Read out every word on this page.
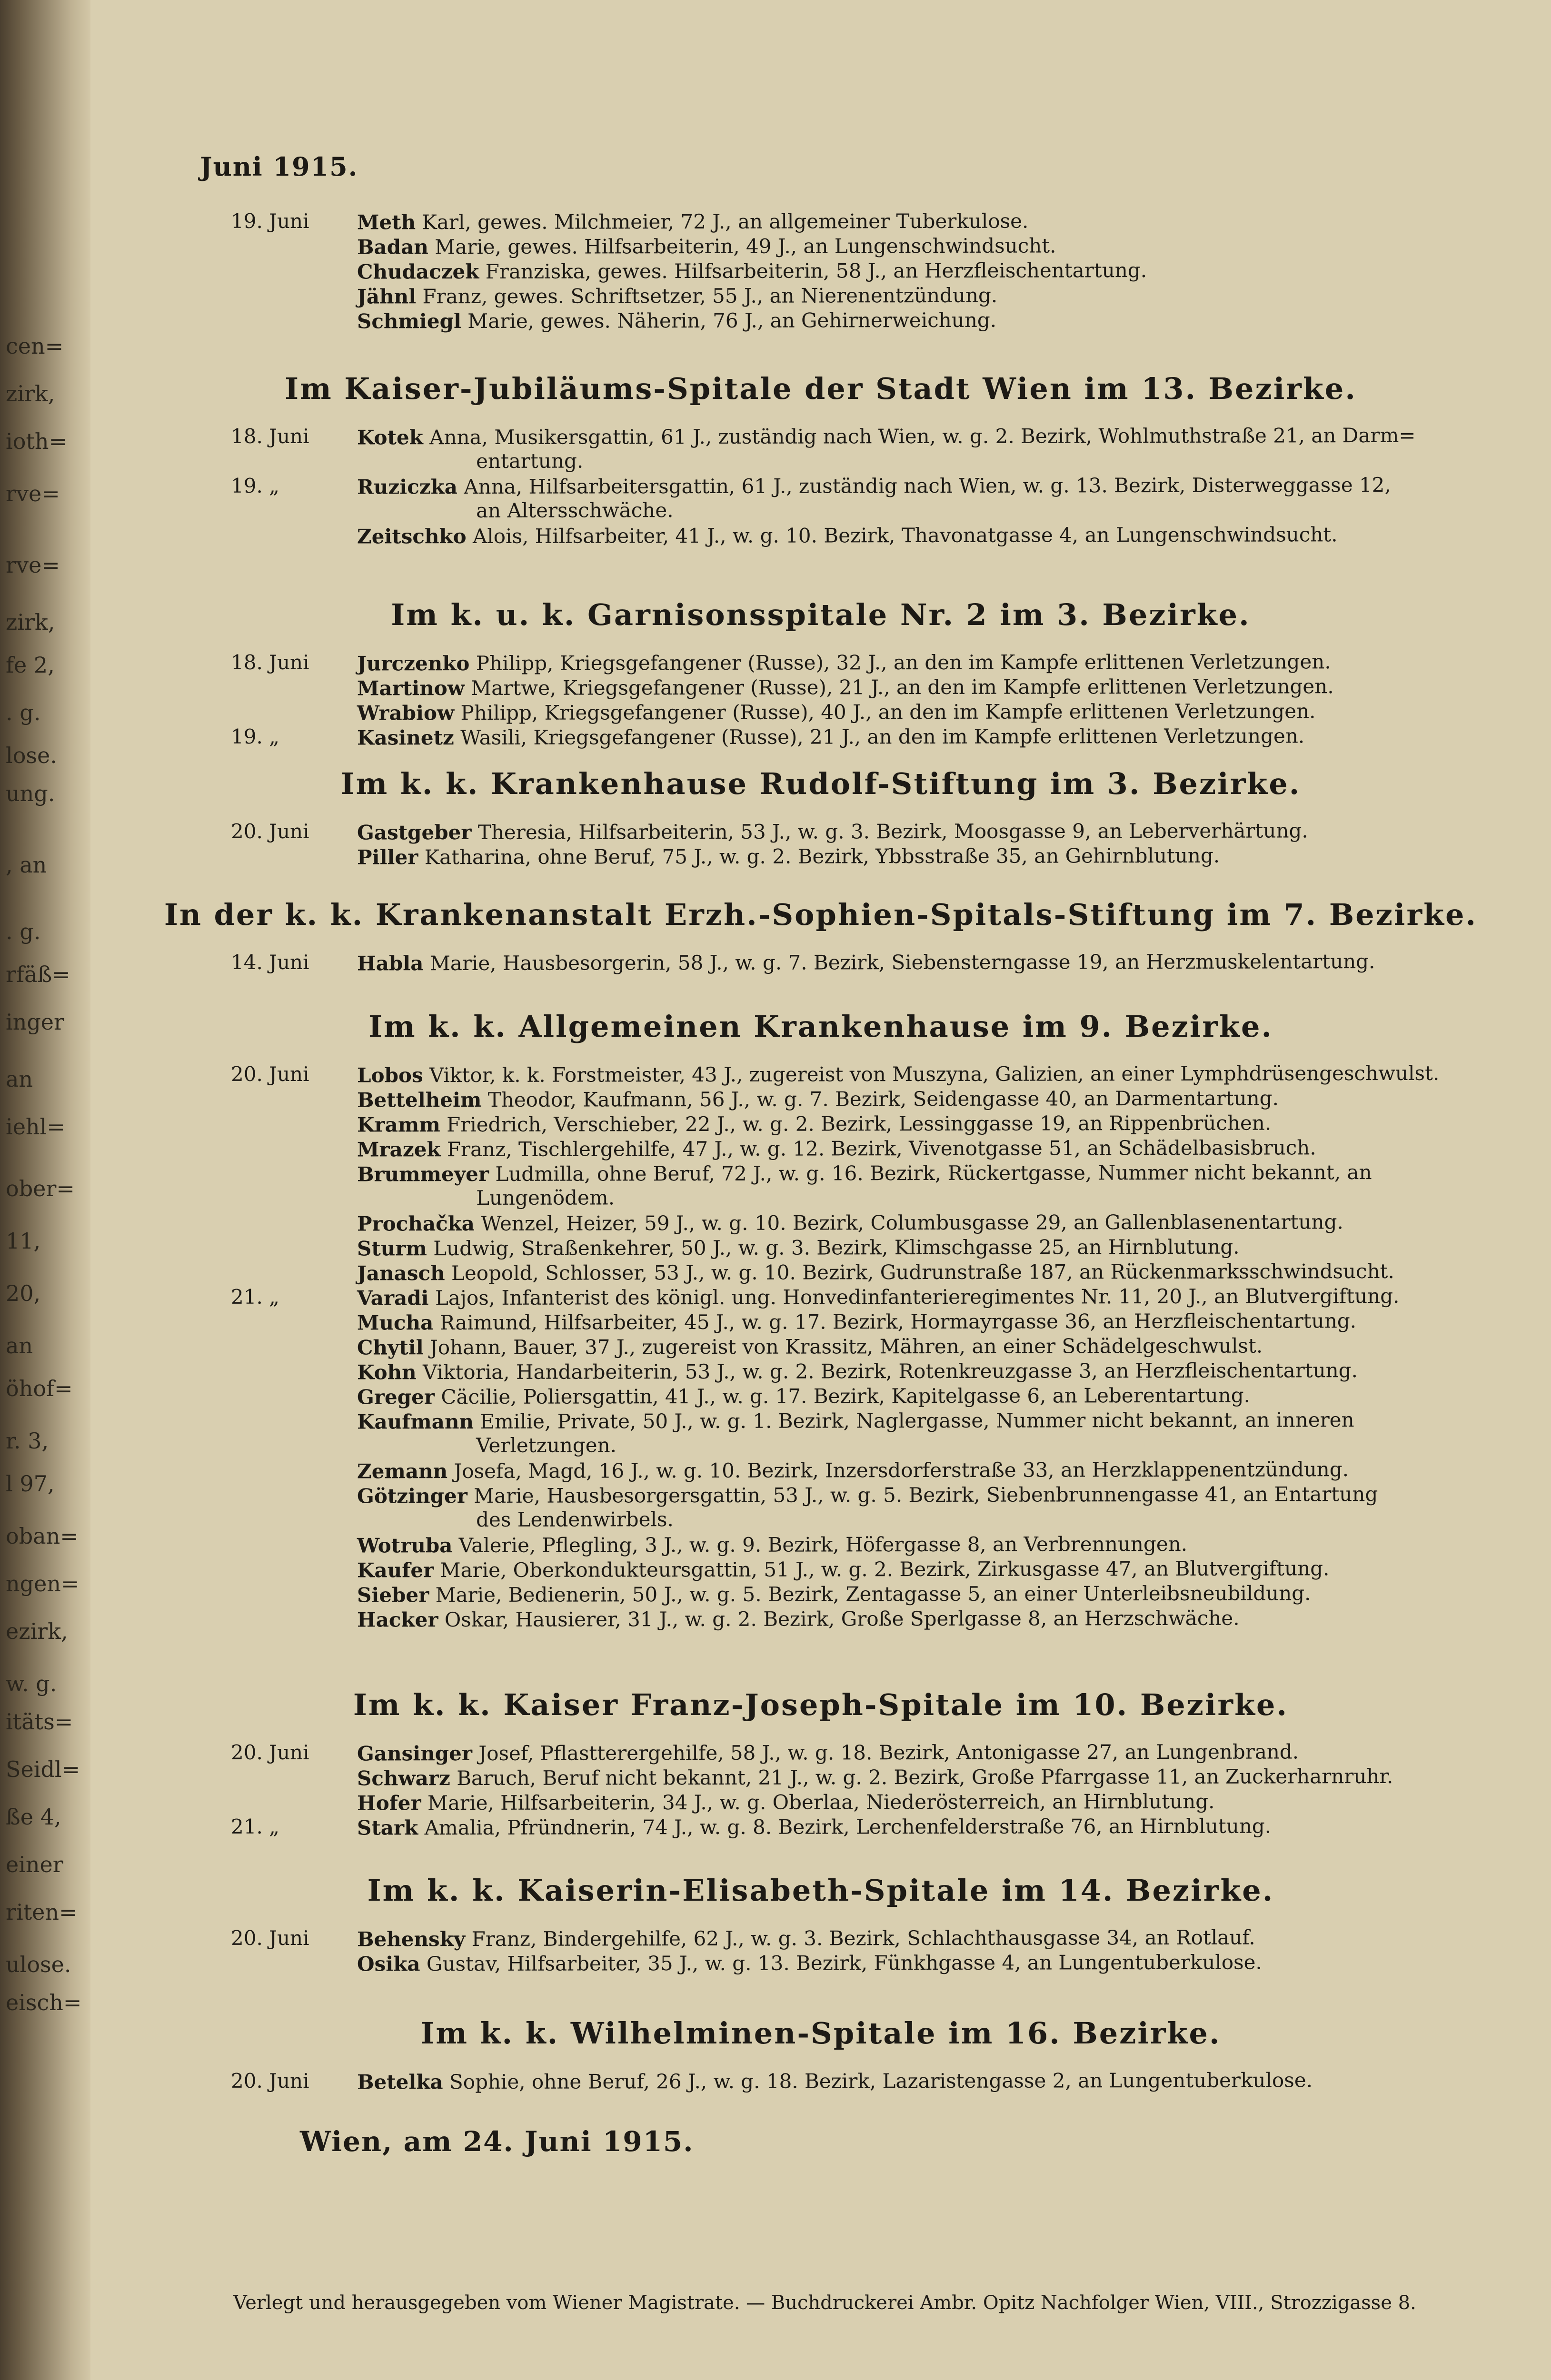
cen=
zirk,
ioth=
rve=
rve=
zirk,
fe 2,
. g.
lose.
ung.
, an
. g.
rfäß=
inger
an
iehl=
ober=
11,
20,
an
öhof=
r. 3,
l 97,
oban=
ngen=
ezirk,
w. g.
itäts=
Seidl=
ße 4,
einer
riten=
ulose.
eisch=
Juni 1915.
19. Juni	Meth Karl, gewes. Milchmeier, 72 J., an allgemeiner Tuberkulose.
Badan Marie, gewes. Hilfsarbeiterin, 49 J., an Lungenschwindsucht.
Chudaczek Franziska, gewes. Hilfsarbeiterin, 58 J., an Herzfleischentartung.
Jähnl Franz, gewes. Schriftsetzer, 55 J., an Nierenentzündung.
Schmiegl Marie, gewes. Näherin, 76 J., an Gehirnerweichung.
Im Kaiser-Jubiläums-Spitale der Stadt Wien im 13. Bezirke.
18. Juni	Kotek Anna, Musikersgattin, 61 J., zuständig nach Wien, w. g. 2. Bezirk, Wohlmuthstraße 21, an Darm=
entartung.
19. „	Ruziczka Anna, Hilfsarbeitersgattin, 61 J., zuständig nach Wien, w. g. 13. Bezirk, Disterweggasse 12,
an Altersschwäche.
Zeitschko Alois, Hilfsarbeiter, 41 J., w. g. 10. Bezirk, Thavonatgasse 4, an Lungenschwindsucht.
Im k. u. k. Garnisonsspitale Nr. 2 im 3. Bezirke.
18. Juni	Jurczenko Philipp, Kriegsgefangener (Russe), 32 J., an den im Kampfe erlittenen Verletzungen.
Martinow Martwe, Kriegsgefangener (Russe), 21 J., an den im Kampfe erlittenen Verletzungen.
Wrabiow Philipp, Kriegsgefangener (Russe), 40 J., an den im Kampfe erlittenen Verletzungen.
19. „	Kasinetz Wasili, Kriegsgefangener (Russe), 21 J., an den im Kampfe erlittenen Verletzungen.
Im k. k. Krankenhause Rudolf-Stiftung im 3. Bezirke.
20. Juni	Gastgeber Theresia, Hilfsarbeiterin, 53 J., w. g. 3. Bezirk, Moosgasse 9, an Leberverhärtung.
Piller Katharina, ohne Beruf, 75 J., w. g. 2. Bezirk, Ybbsstraße 35, an Gehirnblutung.
In der k. k. Krankenanstalt Erzh.-Sophien-Spitals-Stiftung im 7. Bezirke.
14. Juni	Habla Marie, Hausbesorgerin, 58 J., w. g. 7. Bezirk, Siebensterngasse 19, an Herzmuskelentartung.
Im k. k. Allgemeinen Krankenhause im 9. Bezirke.
20. Juni	Lobos Viktor, k. k. Forstmeister, 43 J., zugereist von Muszyna, Galizien, an einer Lymphdrüsengeschwulst.
Bettelheim Theodor, Kaufmann, 56 J., w. g. 7. Bezirk, Seidengasse 40, an Darmentartung.
Kramm Friedrich, Verschieber, 22 J., w. g. 2. Bezirk, Lessinggasse 19, an Rippenbrüchen.
Mrazek Franz, Tischlergehilfe, 47 J., w. g. 12. Bezirk, Vivenotgasse 51, an Schädelbasisbruch.
Brummeyer Ludmilla, ohne Beruf, 72 J., w. g. 16. Bezirk, Rückertgasse, Nummer nicht bekannt, an
Lungenödem.
Prochačka Wenzel, Heizer, 59 J., w. g. 10. Bezirk, Columbusgasse 29, an Gallenblasenentartung.
Sturm Ludwig, Straßenkehrer, 50 J., w. g. 3. Bezirk, Klimschgasse 25, an Hirnblutung.
Janasch Leopold, Schlosser, 53 J., w. g. 10. Bezirk, Gudrunstraße 187, an Rückenmarksschwindsucht.
21. „	Varadi Lajos, Infanterist des königl. ung. Honvedinfanterieregimentes Nr. 11, 20 J., an Blutvergiftung.
Mucha Raimund, Hilfsarbeiter, 45 J., w. g. 17. Bezirk, Hormayrgasse 36, an Herzfleischentartung.
Chytil Johann, Bauer, 37 J., zugereist von Krassitz, Mähren, an einer Schädelgeschwulst.
Kohn Viktoria, Handarbeiterin, 53 J., w. g. 2. Bezirk, Rotenkreuzgasse 3, an Herzfleischentartung.
Greger Cäcilie, Poliersgattin, 41 J., w. g. 17. Bezirk, Kapitelgasse 6, an Leberentartung.
Kaufmann Emilie, Private, 50 J., w. g. 1. Bezirk, Naglergasse, Nummer nicht bekannt, an inneren
Verletzungen.
Zemann Josefa, Magd, 16 J., w. g. 10. Bezirk, Inzersdorferstraße 33, an Herzklappenentzündung.
Götzinger Marie, Hausbesorgersgattin, 53 J., w. g. 5. Bezirk, Siebenbrunnengasse 41, an Entartung
des Lendenwirbels.
Wotruba Valerie, Pflegling, 3 J., w. g. 9. Bezirk, Höfergasse 8, an Verbrennungen.
Kaufer Marie, Oberkondukteursgattin, 51 J., w. g. 2. Bezirk, Zirkusgasse 47, an Blutvergiftung.
Sieber Marie, Bedienerin, 50 J., w. g. 5. Bezirk, Zentagasse 5, an einer Unterleibsneubildung.
Hacker Oskar, Hausierer, 31 J., w. g. 2. Bezirk, Große Sperlgasse 8, an Herzschwäche.
Im k. k. Kaiser Franz-Joseph-Spitale im 10. Bezirke.
20. Juni	Gansinger Josef, Pflastterergehilfe, 58 J., w. g. 18. Bezirk, Antonigasse 27, an Lungenbrand.
Schwarz Baruch, Beruf nicht bekannt, 21 J., w. g. 2. Bezirk, Große Pfarrgasse 11, an Zuckerharnruhr.
Hofer Marie, Hilfsarbeiterin, 34 J., w. g. Oberlaa, Niederösterreich, an Hirnblutung.
21. „	Stark Amalia, Pfründnerin, 74 J., w. g. 8. Bezirk, Lerchenfelderstraße 76, an Hirnblutung.
Im k. k. Kaiserin-Elisabeth-Spitale im 14. Bezirke.
20. Juni	Behensky Franz, Bindergehilfe, 62 J., w. g. 3. Bezirk, Schlachthausgasse 34, an Rotlauf.
Osika Gustav, Hilfsarbeiter, 35 J., w. g. 13. Bezirk, Fünkhgasse 4, an Lungentuberkulose.
Im k. k. Wilhelminen-Spitale im 16. Bezirke.
20. Juni	Betelka Sophie, ohne Beruf, 26 J., w. g. 18. Bezirk, Lazaristengasse 2, an Lungentuberkulose.
Wien, am 24. Juni 1915.
Verlegt und herausgegeben vom Wiener Magistrate. — Buchdruckerei Ambr. Opitz Nachfolger Wien, VIII., Strozzigasse 8.
